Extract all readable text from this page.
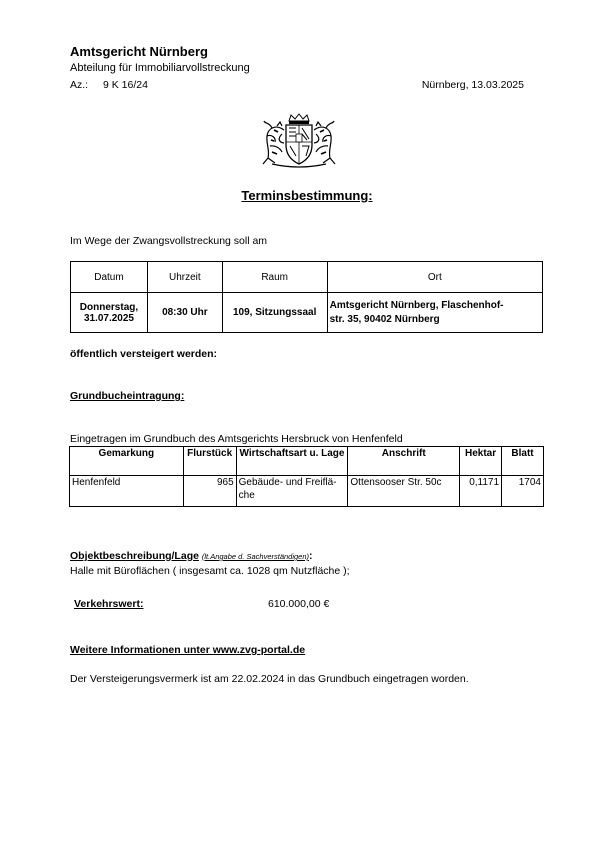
Amtsgericht Nürnberg
Abteilung für Immobiliarvollstreckung
Az.: 9 K 16/24	Nürnberg, 13.03.2025
Terminsbestimmung:
Im Wege der Zwangsvollstreckung soll am
Datum	Uhrzeit	Raum	Ort
Donnerstag,
31.07.2025	08:30 Uhr	109, Sitzungssaal	Amtsgericht Nürnberg, Flaschenhof-
str. 35, 90402 Nürnberg
öffentlich versteigert werden:
Grundbucheintragung:
Eingetragen im Grundbuch des Amtsgerichts Hersbruck von Henfenfeld
Gemarkung	Flurstück	Wirtschaftsart u. Lage	Anschrift	Hektar	Blatt
Henfenfeld	965	Gebäude- und Freiflä-che	Ottensooser Str. 50c	0,1171	1704
Objektbeschreibung/Lage (lt.Angabe d. Sachverständigen):
Halle mit Büroflächen ( insgesamt ca. 1028 qm Nutzfläche );
Verkehrswert:	610.000,00 €
Weitere Informationen unter www.zvg-portal.de
Der Versteigerungsvermerk ist am 22.02.2024 in das Grundbuch eingetragen worden.
